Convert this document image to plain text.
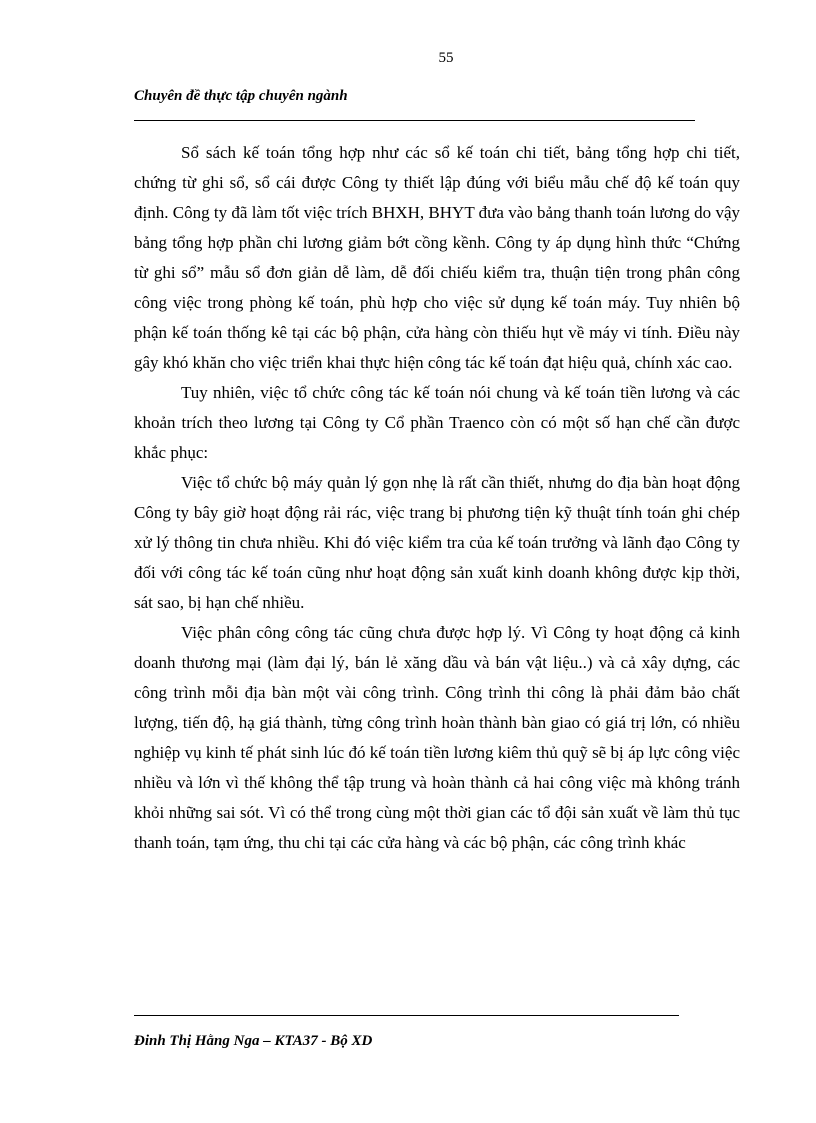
55
Chuyên đề thực tập chuyên ngành

Sổ sách kế toán tổng hợp như các sổ kế toán chi tiết, bảng tổng hợp chi tiết, chứng từ ghi sổ, sổ cái được Công ty thiết lập đúng với biểu mẫu chế độ kế toán quy định. Công ty đã làm tốt việc trích BHXH, BHYT đưa vào bảng thanh toán lương do vậy bảng tổng hợp phần chi lương giảm bớt cồng kềnh. Công ty áp dụng hình thức “Chứng từ ghi sổ” mẫu sổ đơn giản dễ làm, dễ đối chiếu kiểm tra, thuận tiện trong phân công công việc trong phòng kế toán, phù hợp cho việc sử dụng kế toán máy. Tuy nhiên bộ phận kế toán thống kê tại các bộ phận, cửa hàng còn thiếu hụt về máy vi tính. Điều này gây khó khăn cho việc triển khai thực hiện công tác kế toán đạt hiệu quả, chính xác cao.

Tuy nhiên, việc tổ chức công tác kế toán nói chung và kế toán tiền lương và các khoản trích theo lương tại Công ty Cổ phần Traenco còn có một số hạn chế cần được khắc phục:

Việc tổ chức bộ máy quản lý gọn nhẹ là rất cần thiết, nhưng do địa bàn hoạt động Công ty bây giờ hoạt động rải rác, việc trang bị phương tiện kỹ thuật tính toán ghi chép xử lý thông tin chưa nhiều. Khi đó việc kiểm tra của kế toán trưởng và lãnh đạo Công ty đối với công tác kế toán cũng như hoạt động sản xuất kinh doanh không được kịp thời, sát sao, bị hạn chế nhiều.

Việc phân công công tác cũng chưa được hợp lý. Vì Công ty hoạt động cả kinh doanh thương mại (làm đại lý, bán lẻ xăng dầu và bán vật liệu..) và cả xây dựng, các công trình mỗi địa bàn một vài công trình. Công trình thi công là phải đảm bảo chất lượng, tiến độ, hạ giá thành, từng công trình hoàn thành bàn giao có giá trị lớn, có nhiều nghiệp vụ kinh tế phát sinh lúc đó kế toán tiền lương kiêm thủ quỹ sẽ bị áp lực công việc nhiều và lớn vì thế không thể tập trung và hoàn thành cả hai công việc mà không tránh khỏi những sai sót. Vì có thể trong cùng một thời gian các tổ đội sản xuất về làm thủ tục thanh toán, tạm ứng, thu chi tại các cửa hàng và các bộ phận, các công trình khác

Đinh Thị Hằng Nga – KTA37 - Bộ XD
